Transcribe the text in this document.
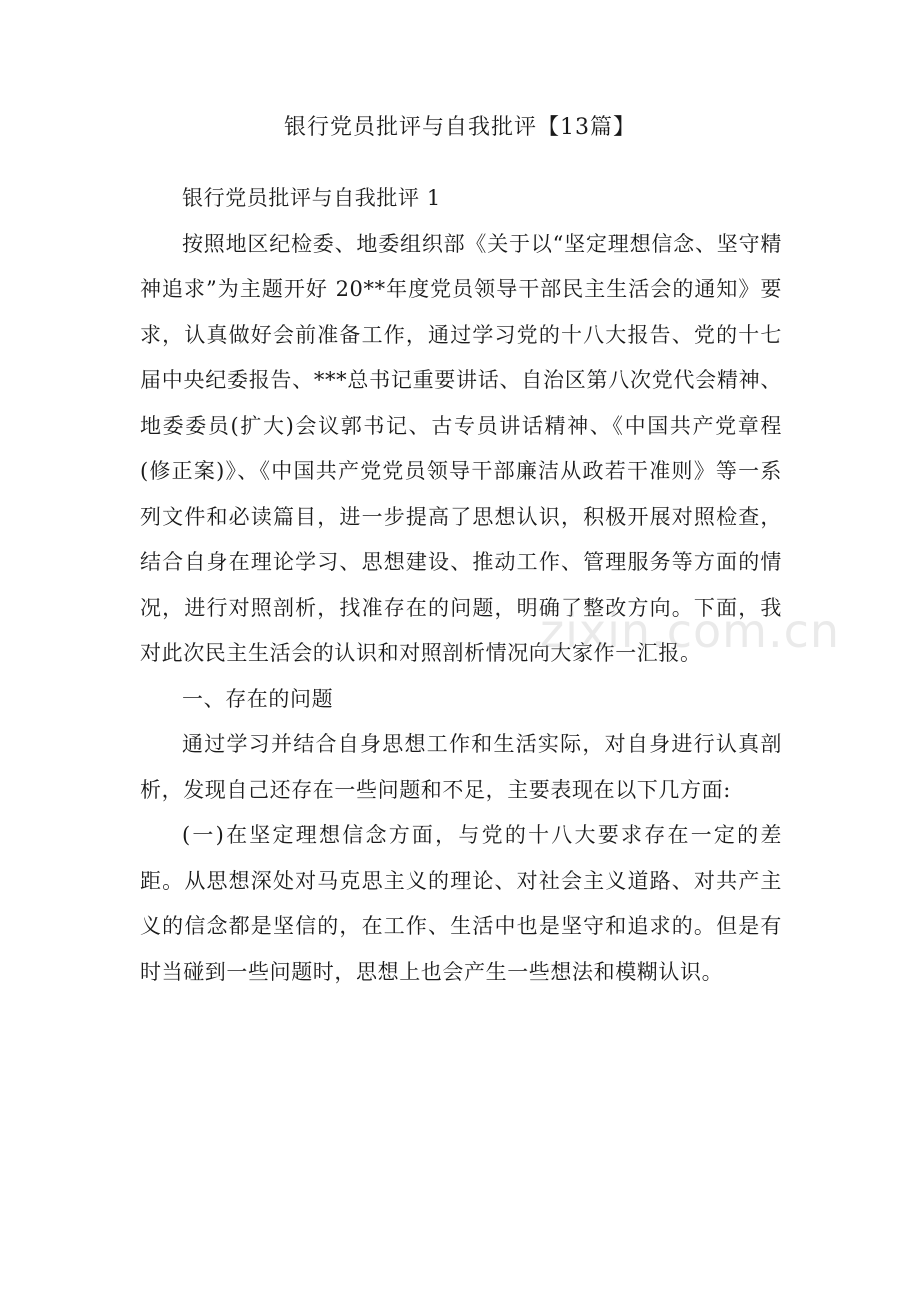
银行党员批评与自我批评【13篇】

银行党员批评与自我批评 1

按照地区纪检委、地委组织部《关于以“坚定理想信念、坚守精神追求”为主题开好 20**年度党员领导干部民主生活会的通知》要求，认真做好会前准备工作，通过学习党的十八大报告、党的十七届中央纪委报告、***总书记重要讲话、自治区第八次党代会精神、地委委员(扩大)会议郭书记、古专员讲话精神、《中国共产党章程(修正案)》、《中国共产党党员领导干部廉洁从政若干准则》等一系列文件和必读篇目，进一步提高了思想认识，积极开展对照检查，结合自身在理论学习、思想建设、推动工作、管理服务等方面的情况，进行对照剖析，找准存在的问题，明确了整改方向。下面，我对此次民主生活会的认识和对照剖析情况向大家作一汇报。

一、存在的问题

通过学习并结合自身思想工作和生活实际，对自身进行认真剖析，发现自己还存在一些问题和不足，主要表现在以下几方面:

(一)在坚定理想信念方面，与党的十八大要求存在一定的差距。从思想深处对马克思主义的理论、对社会主义道路、对共产主义的信念都是坚信的，在工作、生活中也是坚守和追求的。但是有时当碰到一些问题时，思想上也会产生一些想法和模糊认识。

zixin.com.cn
